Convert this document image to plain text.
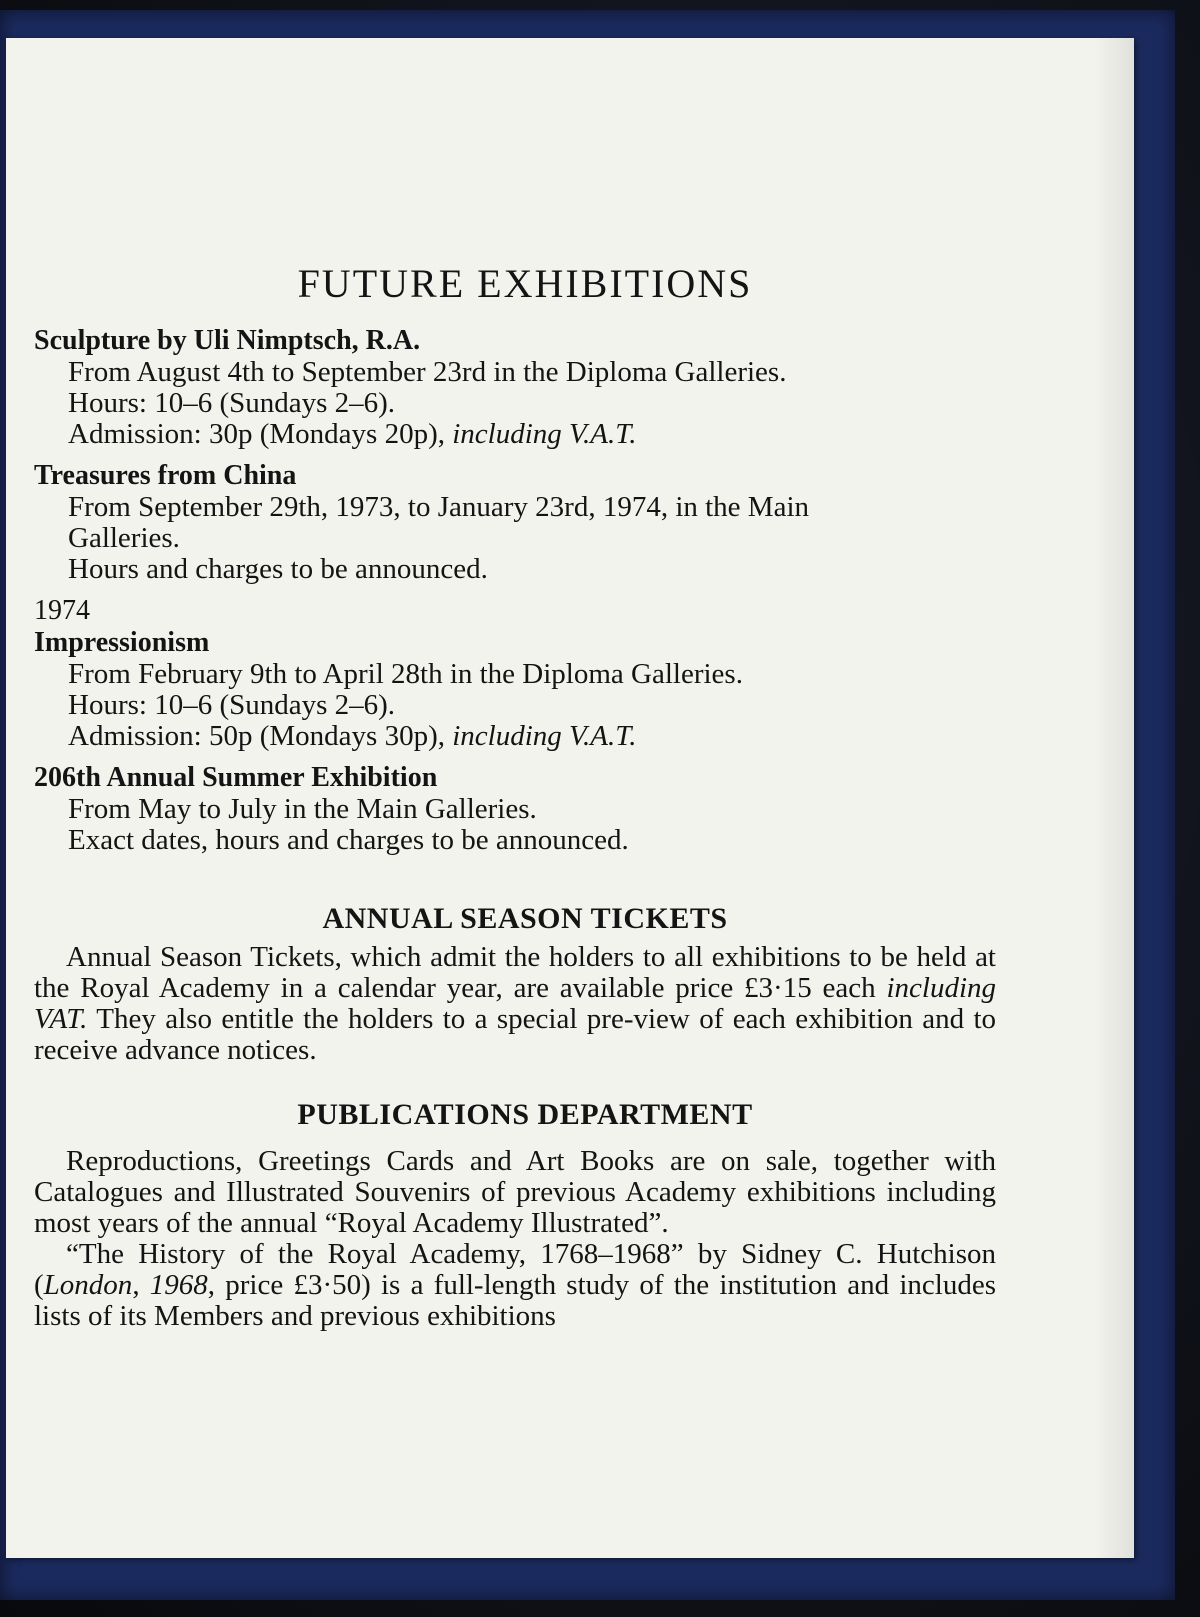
FUTURE EXHIBITIONS
Sculpture by Uli Nimptsch, R.A.
From August 4th to September 23rd in the Diploma Galleries.
Hours: 10–6 (Sundays 2–6).
Admission: 30p (Mondays 20p), including V.A.T.
Treasures from China
From September 29th, 1973, to January 23rd, 1974, in the Main
Galleries.
Hours and charges to be announced.
1974
Impressionism
From February 9th to April 28th in the Diploma Galleries.
Hours: 10–6 (Sundays 2–6).
Admission: 50p (Mondays 30p), including V.A.T.
206th Annual Summer Exhibition
From May to July in the Main Galleries.
Exact dates, hours and charges to be announced.
ANNUAL SEASON TICKETS

Annual Season Tickets, which admit the holders to all exhibitions to be held at the Royal Academy in a calendar year, are available price £3·15 each including VAT. They also entitle the holders to a special pre-view of each exhibition and to receive advance notices.

PUBLICATIONS DEPARTMENT

Reproductions, Greetings Cards and Art Books are on sale, together with Catalogues and Illustrated Souvenirs of previous Academy exhibitions including most years of the annual “Royal Academy Illustrated”.

“The History of the Royal Academy, 1768–1968” by Sidney C. Hutchison (London, 1968, price £3·50) is a full-length study of the institution and includes lists of its Members and previous exhibitions
